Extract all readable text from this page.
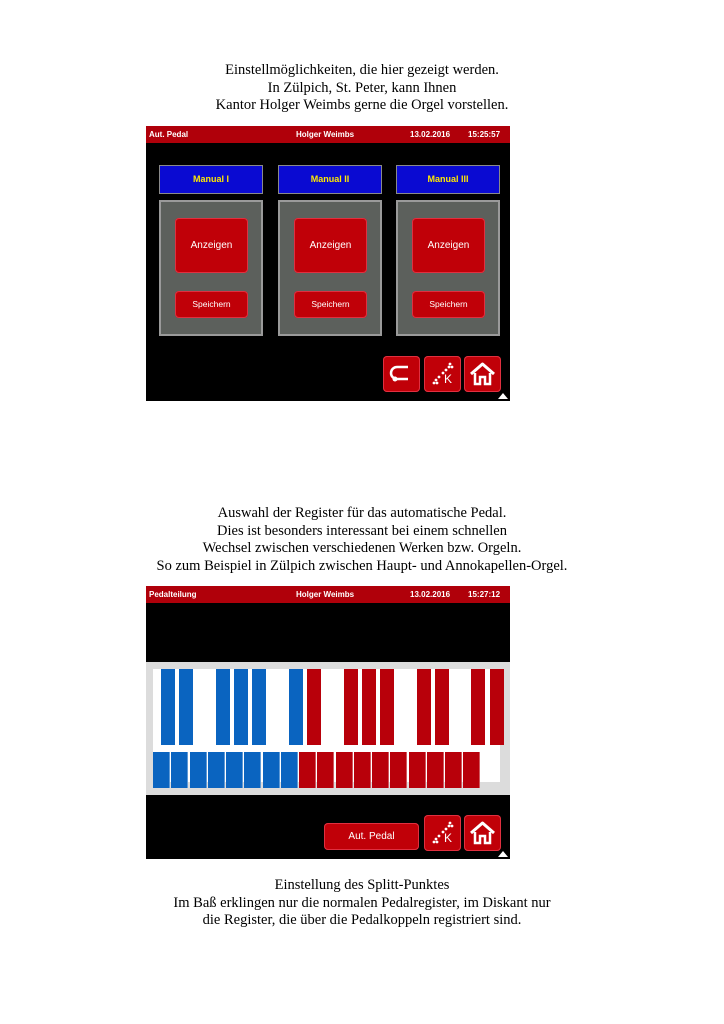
Einstellmöglichkeiten, die hier gezeigt werden.
In Zülpich, St. Peter, kann Ihnen
Kantor Holger Weimbs gerne die Orgel vorstellen.
Aut. Pedal	Holger Weimbs	13.02.2016 15:25:57
Manual I
Anzeigen
Speichern
Manual II
Anzeigen
Speichern
Manual III
Anzeigen
Speichern
K
Auswahl der Register für das automatische Pedal.
Dies ist besonders interessant bei einem schnellen
Wechsel zwischen verschiedenen Werken bzw. Orgeln.
So zum Beispiel in Zülpich zwischen Haupt- und Annokapellen-Orgel.
Pedalteilung	Holger Weimbs	13.02.2016 15:27:12
Aut. Pedal	K
Einstellung des Splitt-Punktes
Im Baß erklingen nur die normalen Pedalregister, im Diskant nur
die Register, die über die Pedalkoppeln registriert sind.
